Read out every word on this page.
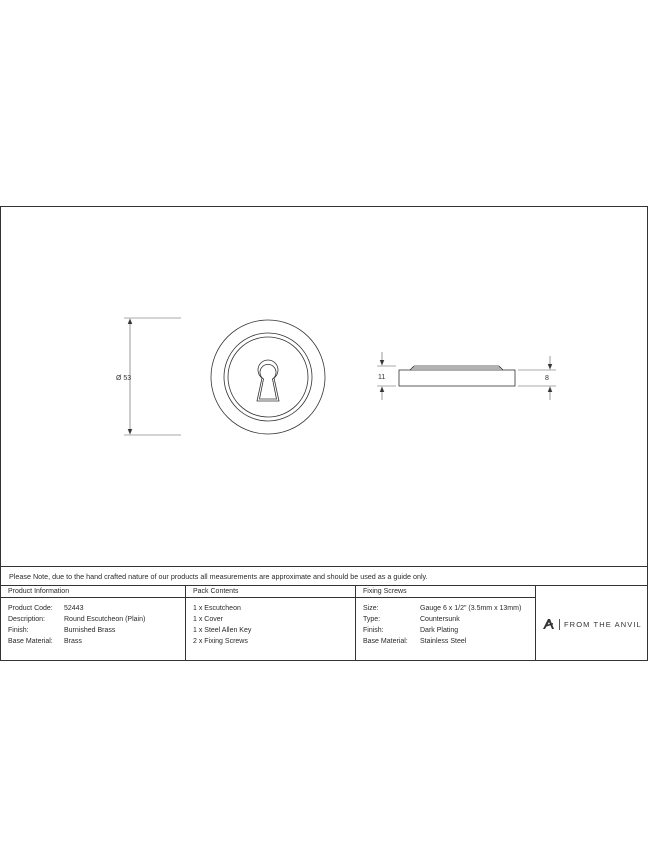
Ø 53	11	8
Please Note, due to the hand crafted nature of our products all measurements are approximate and should be used as a guide only.
Product Information
Product Code:	52443
Description:	Round Escutcheon (Plain)
Finish:	Burnished Brass
Base Material:	Brass
Pack Contents
1 x Escutcheon
1 x Cover
1 x Steel Allen Key
2 x Fixing Screws
Fixing Screws
Size:	Gauge 6 x 1/2" (3.5mm x 13mm)
Type:	Countersunk
Finish:	Dark Plating
Base Material:	Stainless Steel
FROM THE ANVIL
